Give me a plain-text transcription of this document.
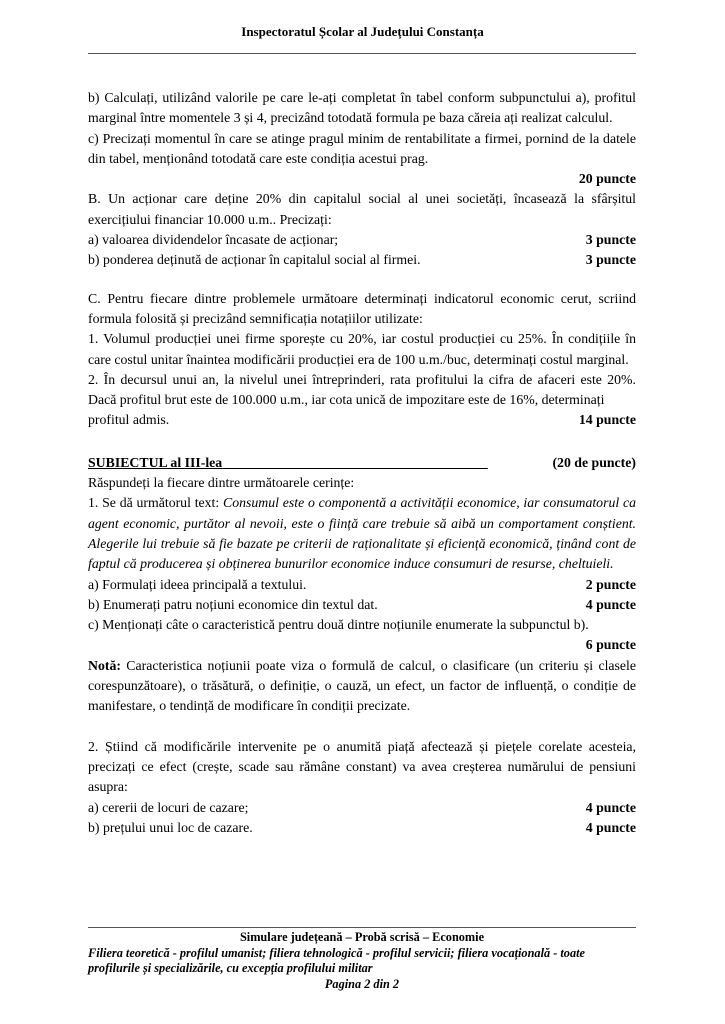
Inspectoratul Școlar al Județului Constanța

b) Calculați, utilizând valorile pe care le-ați completat în tabel conform subpunctului a), profitul marginal între momentele 3 și 4, precizând totodată formula pe baza căreia ați realizat calculul.

c) Precizați momentul în care se atinge pragul minim de rentabilitate a firmei, pornind de la datele din tabel, menționând totodată care este condiția acestui prag.

20 puncte

B. Un acționar care deține 20% din capitalul social al unei societăți, încasează la sfârșitul exercițiului financiar 10.000 u.m.. Precizați:

a) valoarea dividendelor încasate de acționar;	3 puncte
b) ponderea deținută de acționar în capitalul social al firmei.	3 puncte

C. Pentru fiecare dintre problemele următoare determinați indicatorul economic cerut, scriind formula folosită și precizând semnificația notațiilor utilizate:

1. Volumul producției unei firme sporește cu 20%, iar costul producției cu 25%. În condițiile în care costul unitar înaintea modificării producției era de 100 u.m./buc, determinați costul marginal.

2. În decursul unui an, la nivelul unei întreprinderi, rata profitului la cifra de afaceri este 20%. Dacă profitul brut este de 100.000 u.m., iar cota unică de impozitare este de 16%, determinați

profitul admis.	14 puncte
SUBIECTUL al III-lea	(20 de puncte)

Răspundeți la fiecare dintre următoarele cerințe:

1. Se dă următorul text: Consumul este o componentă a activității economice, iar consumatorul ca agent economic, purtător al nevoii, este o ființă care trebuie să aibă un comportament conștient. Alegerile lui trebuie să fie bazate pe criterii de raționalitate și eficiență economică, ținând cont de faptul că producerea și obținerea bunurilor economice induce consumuri de resurse, cheltuieli.

a) Formulați ideea principală a textului.	2 puncte
b) Enumerați patru noțiuni economice din textul dat.	4 puncte

c) Menționați câte o caracteristică pentru două dintre noțiunile enumerate la subpunctul b).

6 puncte

Notă: Caracteristica noțiunii poate viza o formulă de calcul, o clasificare (un criteriu și clasele corespunzătoare), o trăsătură, o definiție, o cauză, un efect, un factor de influență, o condiție de manifestare, o tendință de modificare în condiții precizate.

2. Știind că modificările intervenite pe o anumită piață afectează și piețele corelate acesteia, precizați ce efect (crește, scade sau rămâne constant) va avea creșterea numărului de pensiuni asupra:

a) cererii de locuri de cazare;	4 puncte
b) prețului unui loc de cazare.	4 puncte
Simulare județeană – Probă scrisă – Economie
Filiera teoretică - profilul umanist; filiera tehnologică - profilul servicii; filiera vocațională - toate profilurile și specializările, cu excepția profilului militar
Pagina 2 din 2
